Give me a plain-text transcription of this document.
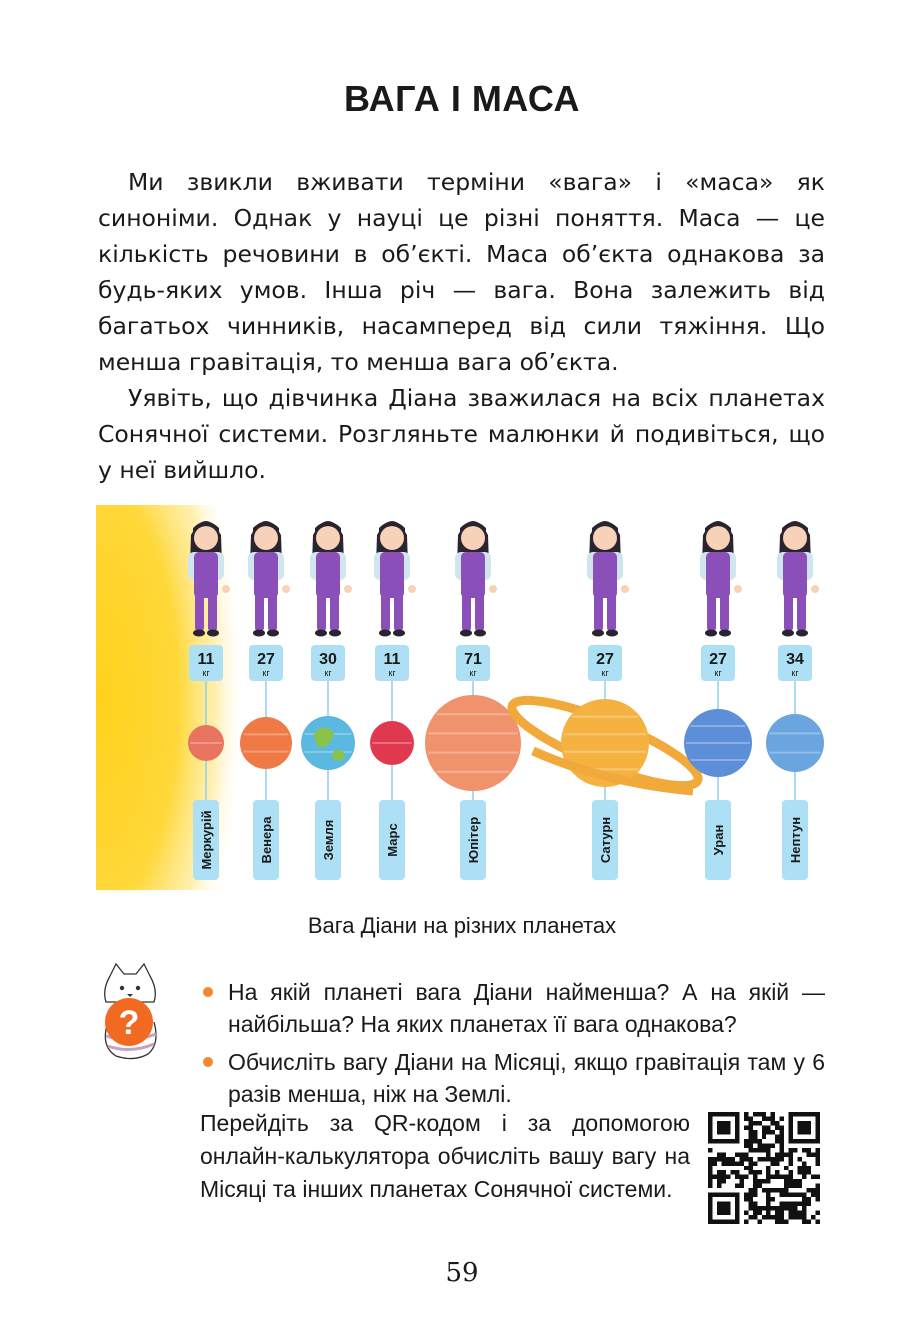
ВАГА І МАСА

Ми звикли вживати терміни «вага» і «маса» як синоніми. Однак у науці це різні поняття. Маса — це кількість речовини в об’єкті. Маса об’єкта однакова за будь-яких умов. Інша річ — вага. Вона залежить від багатьох чинників, насамперед від сили тяжіння. Що менша гравітація, то менша вага об’єкта.

Уявіть, що дівчинка Діана зважилася на всіх планетах Сонячної системи. Розгляньте малюнки й подивіться, що у неї вийшло.

11
кг
Меркурій
27
кг
Венера
30
кг
Земля
11
кг
Марс
71
кг
Юпітер
27
кг
Сатурн
27
кг
Уран
34
кг
Нептун
Вага Діани на різних планетах
?
На якій планеті вага Діани найменша? А на якій — найбільша? На яких планетах її вага однакова?
Обчисліть вагу Діани на Місяці, якщо гравітація там у 6 разів менша, ніж на Землі.
Перейдіть за QR-кодом і за допомогою онлайн-калькулятора обчисліть вашу вагу на Місяці та інших планетах Сонячної системи.
59
